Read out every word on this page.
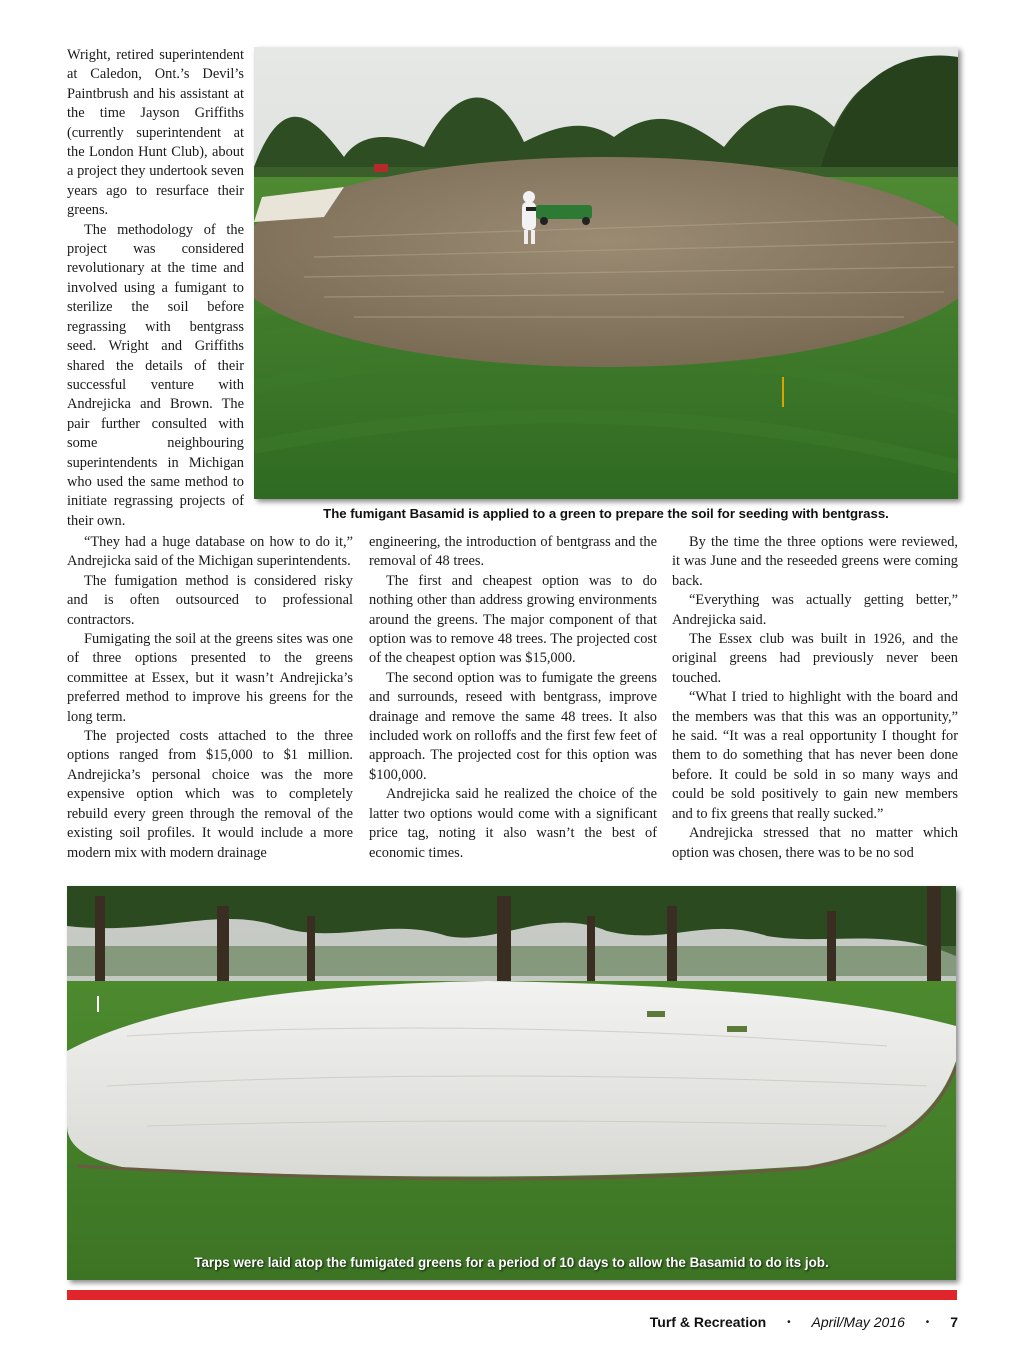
Wright, retired superintendent at Caledon, Ont.’s Devil’s Paintbrush and his assistant at the time Jayson Griffiths (currently superintendent at the London Hunt Club), about a project they undertook seven years ago to resurface their greens.

The methodology of the project was considered revolutionary at the time and involved using a fumigant to sterilize the soil before regrassing with bentgrass seed. Wright and Griffiths shared the details of their successful venture with Andrejicka and Brown. The pair further consulted with some neighbouring superintendents in Michigan who used the same method to initiate regrassing projects of their own.	The fumigant Basamid is applied to a green to prepare the soil for seeding with bentgrass.

“They had a huge database on how to do it,” Andrejicka said of the Michigan superintendents.

The fumigation method is considered risky and is often outsourced to professional contractors.

Fumigating the soil at the greens sites was one of three options presented to the greens committee at Essex, but it wasn’t Andrejicka’s preferred method to improve his greens for the long term.

The projected costs attached to the three options ranged from $15,000 to $1 million. Andrejicka’s personal choice was the more expensive option which was to completely rebuild every green through the removal of the existing soil profiles. It would include a more modern mix with modern drainage

engineering, the introduction of bentgrass and the removal of 48 trees.

The first and cheapest option was to do nothing other than address growing environments around the greens. The major component of that option was to remove 48 trees. The projected cost of the cheapest option was $15,000.

The second option was to fumigate the greens and surrounds, reseed with bentgrass, improve drainage and remove the same 48 trees. It also included work on rolloffs and the first few feet of approach. The projected cost for this option was $100,000.

Andrejicka said he realized the choice of the latter two options would come with a significant price tag, noting it also wasn’t the best of economic times.

By the time the three options were reviewed, it was June and the reseeded greens were coming back.

“Everything was actually getting better,” Andrejicka said.

The Essex club was built in 1926, and the original greens had previously never been touched.

“What I tried to highlight with the board and the members was that this was an opportunity,” he said. “It was a real opportunity I thought for them to do something that has never been done before. It could be sold in so many ways and could be sold positively to gain new members and to fix greens that really sucked.”

Andrejicka stressed that no matter which option was chosen, there was to be no sod

Tarps were laid atop the fumigated greens for a period of 10 days to allow the Basamid to do its job.
Turf & Recreation • April/May 2016 • 7
